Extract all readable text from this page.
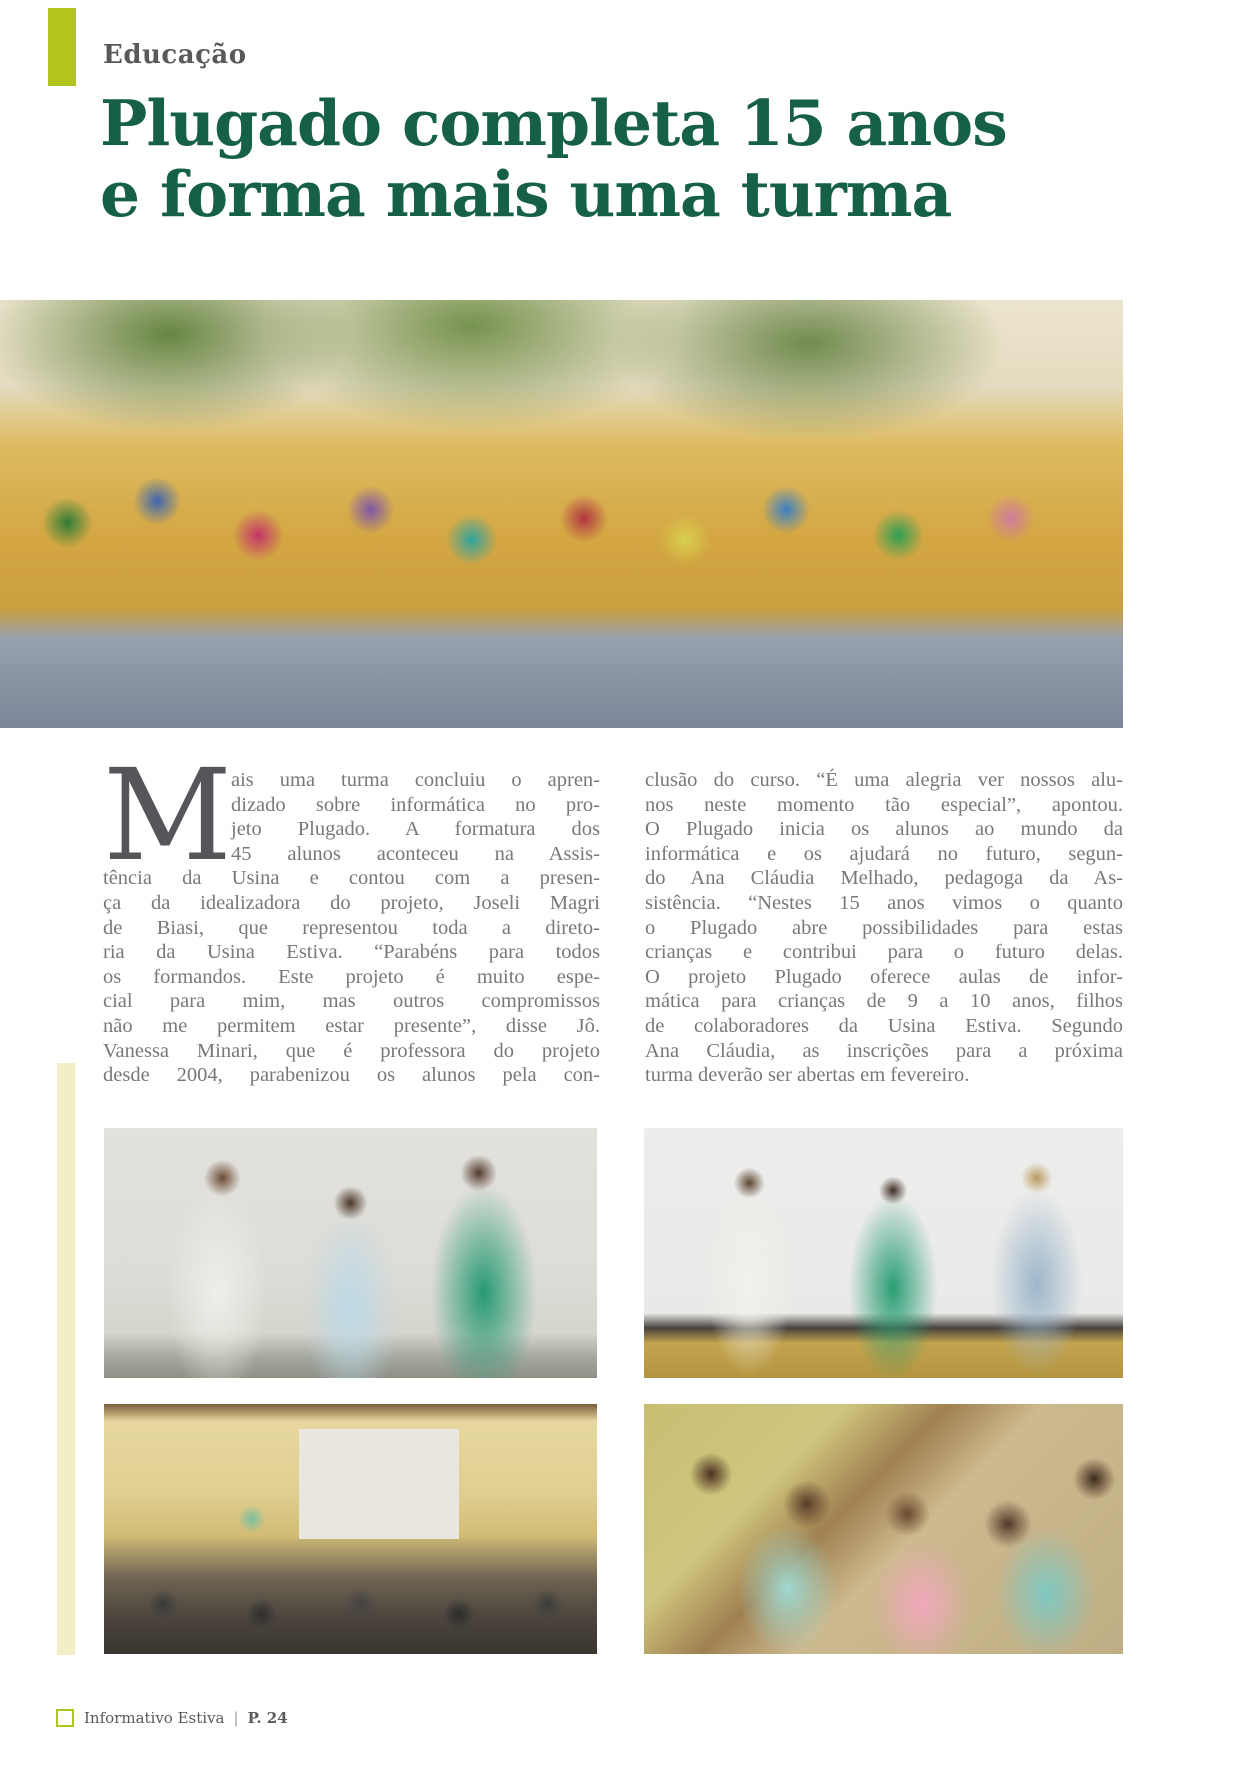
Educação
Plugado completa 15 anos
e forma mais uma turma
M
ais uma turma concluiu o apren-
dizado sobre informática no pro-
jeto Plugado. A formatura dos
45 alunos aconteceu na Assis-
tência da Usina e contou com a presen-
ça da idealizadora do projeto, Joseli Magri
de Biasi, que representou toda a direto-
ria da Usina Estiva. “Parabéns para todos
os formandos. Este projeto é muito espe-
cial para mim, mas outros compromissos
não me permitem estar presente”, disse Jô.
Vanessa Minari, que é professora do projeto
desde 2004, parabenizou os alunos pela con-
clusão do curso. “É uma alegria ver nossos alu-
nos neste momento tão especial”, apontou.
O Plugado inicia os alunos ao mundo da
informática e os ajudará no futuro, segun-
do Ana Cláudia Melhado, pedagoga da As-
sistência. “Nestes 15 anos vimos o quanto
o Plugado abre possibilidades para estas
crianças e contribui para o futuro delas.
O projeto Plugado oferece aulas de infor-
mática para crianças de 9 a 10 anos, filhos
de colaboradores da Usina Estiva. Segundo
Ana Cláudia, as inscrições para a próxima
turma deverão ser abertas em fevereiro.
Informativo Estiva | P. 24
